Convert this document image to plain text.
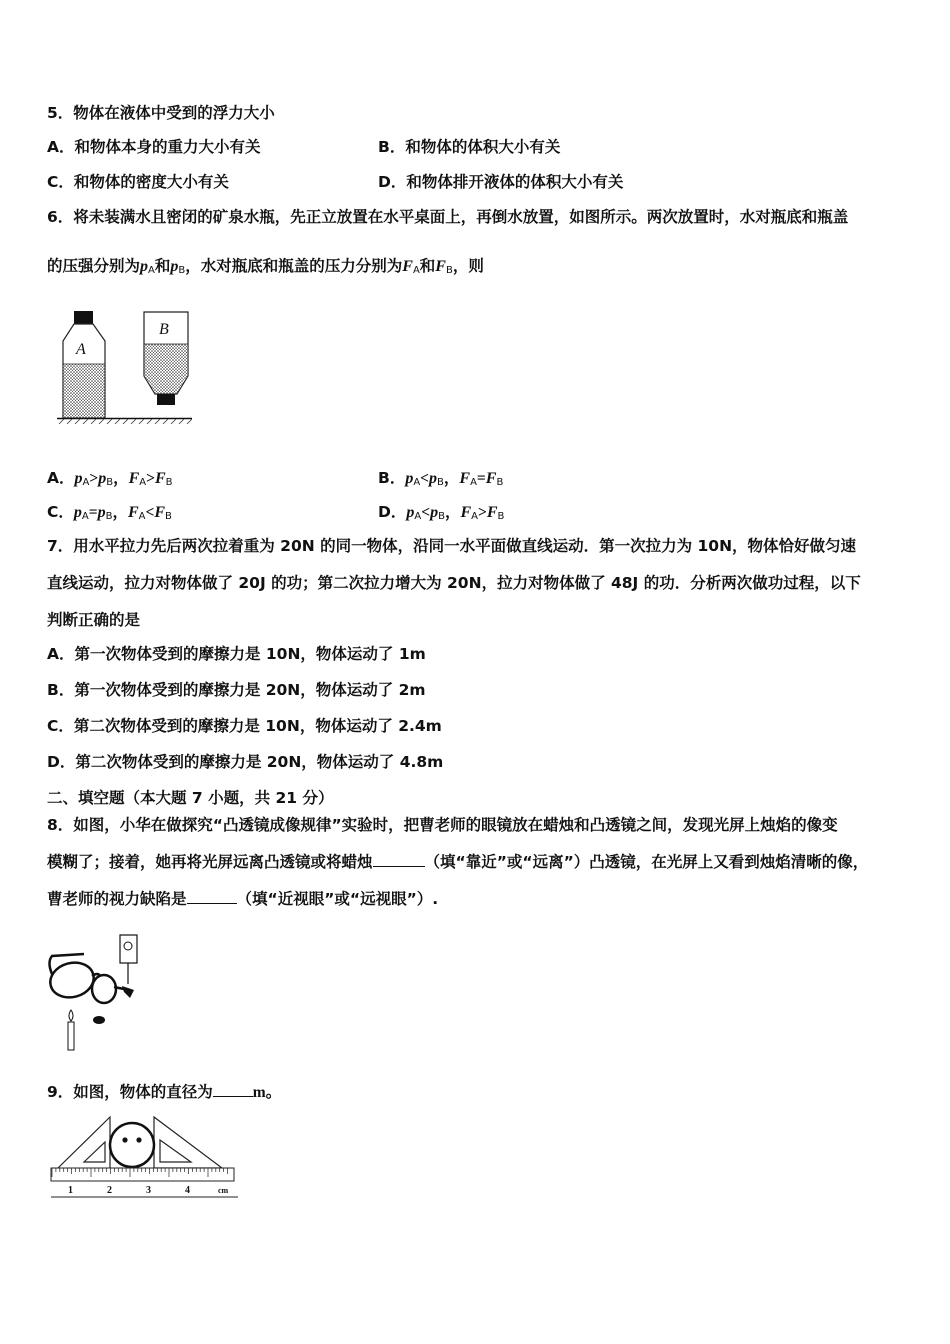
5．物体在液体中受到的浮力大小
A．和物体本身的重力大小有关	B．和物体的体积大小有关
C．和物体的密度大小有关	D．和物体排开液体的体积大小有关
6．将未装满水且密闭的矿泉水瓶，先正立放置在水平桌面上，再倒水放置，如图所示。两次放置时，水对瓶底和瓶盖
的压强分别为$p_A$和$p_B$，水对瓶底和瓶盖的压力分别为$F_A$和$F_B$，则
A
B
A．$p_A>p_B$，$F_A>F_B$	B．$p_A<p_B$，$F_A=F_B$
C．$p_A=p_B$，$F_A<F_B$	D．$p_A<p_B$，$F_A>F_B$
7．用水平拉力先后两次拉着重为 20N 的同一物体，沿同一水平面做直线运动．第一次拉力为 10N，物体恰好做匀速
直线运动，拉力对物体做了 20J 的功；第二次拉力增大为 20N，拉力对物体做了 48J 的功．分析两次做功过程，以下
判断正确的是
A．第一次物体受到的摩擦力是 10N，物体运动了 1m
B．第一次物体受到的摩擦力是 20N，物体运动了 2m
C．第二次物体受到的摩擦力是 10N，物体运动了 2.4m
D．第二次物体受到的摩擦力是 20N，物体运动了 4.8m
二、填空题（本大题 7 小题，共 21 分）
8．如图，小华在做探究“凸透镜成像规律”实验时，把曹老师的眼镜放在蜡烛和凸透镜之间，发现光屏上烛焰的像变
模糊了；接着，她再将光屏远离凸透镜或将蜡烛	（填“靠近”或“远离”）凸透镜，在光屏上又看到烛焰清晰的像，
曹老师的视力缺陷是	（填“近视眼”或“远视眼”）.
9．如图，物体的直径为	m。
1	2	3	4	cm
